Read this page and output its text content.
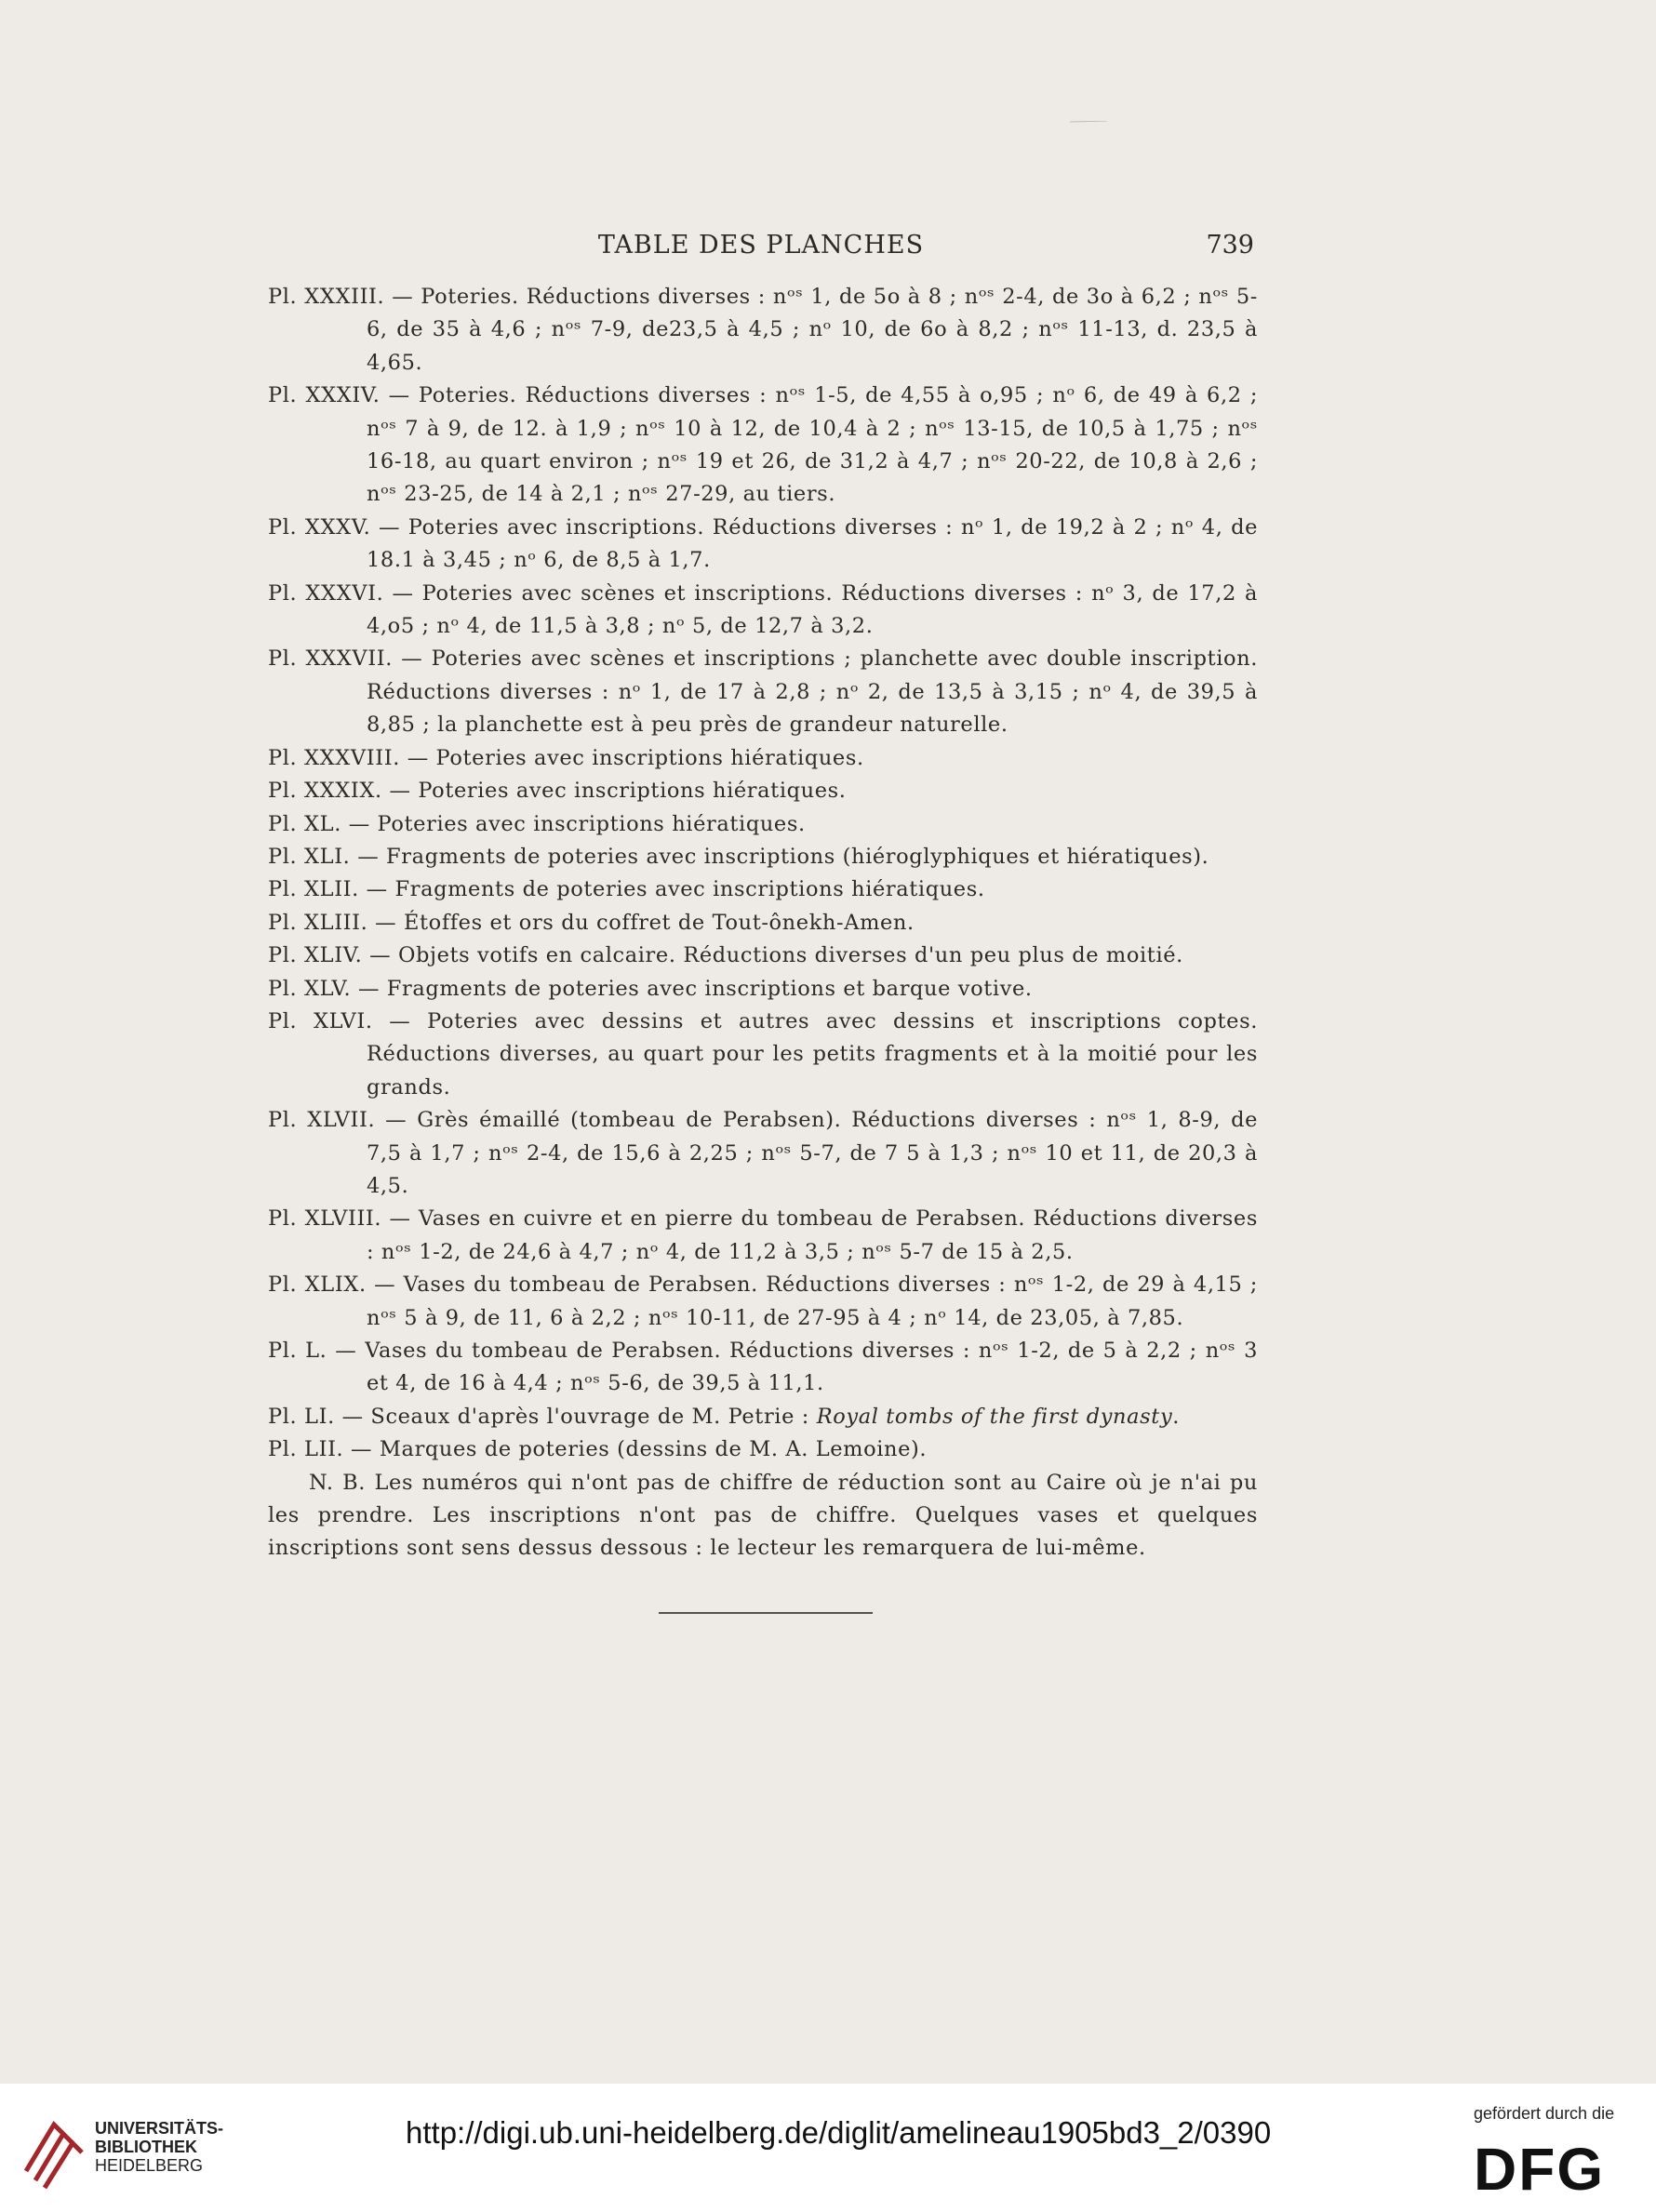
TABLE DES PLANCHES	739

Pl. XXXIII. — Poteries. Réductions diverses : nᵒˢ 1, de 5o à 8 ; nᵒˢ 2-4, de 3o à 6,2 ; nᵒˢ 5-6, de 35 à 4,6 ; nᵒˢ 7-9, de23,5 à 4,5 ; nᵒ 10, de 6o à 8,2 ; nᵒˢ 11-13, d. 23,5 à 4,65.

Pl. XXXIV. — Poteries. Réductions diverses : nᵒˢ 1-5, de 4,55 à o,95 ; nᵒ 6, de 49 à 6,2 ; nᵒˢ 7 à 9, de 12. à 1,9 ; nᵒˢ 10 à 12, de 10,4 à 2 ; nᵒˢ 13-15, de 10,5 à 1,75 ; nᵒˢ 16-18, au quart environ ; nᵒˢ 19 et 26, de 31,2 à 4,7 ; nᵒˢ 20-22, de 10,8 à 2,6 ; nᵒˢ 23-25, de 14 à 2,1 ; nᵒˢ 27-29, au tiers.

Pl. XXXV. — Poteries avec inscriptions. Réductions diverses : nᵒ 1, de 19,2 à 2 ; nᵒ 4, de 18.1 à 3,45 ; nᵒ 6, de 8,5 à 1,7.

Pl. XXXVI. — Poteries avec scènes et inscriptions. Réductions diverses : nᵒ 3, de 17,2 à 4,o5 ; nᵒ 4, de 11,5 à 3,8 ; nᵒ 5, de 12,7 à 3,2.

Pl. XXXVII. — Poteries avec scènes et inscriptions ; planchette avec double inscription. Réductions diverses : nᵒ 1, de 17 à 2,8 ; nᵒ 2, de 13,5 à 3,15 ; nᵒ 4, de 39,5 à 8,85 ; la planchette est à peu près de grandeur naturelle.

Pl. XXXVIII. — Poteries avec inscriptions hiératiques.

Pl. XXXIX. — Poteries avec inscriptions hiératiques.

Pl. XL. — Poteries avec inscriptions hiératiques.

Pl. XLI. — Fragments de poteries avec inscriptions (hiéroglyphiques et hiératiques).

Pl. XLII. — Fragments de poteries avec inscriptions hiératiques.

Pl. XLIII. — Étoffes et ors du coffret de Tout-ônekh-Amen.

Pl. XLIV. — Objets votifs en calcaire. Réductions diverses d'un peu plus de moitié.

Pl. XLV. — Fragments de poteries avec inscriptions et barque votive.

Pl. XLVI. — Poteries avec dessins et autres avec dessins et inscriptions coptes. Réductions diverses, au quart pour les petits fragments et à la moitié pour les grands.

Pl. XLVII. — Grès émaillé (tombeau de Perabsen). Réductions diverses : nᵒˢ 1, 8-9, de 7,5 à 1,7 ; nᵒˢ 2-4, de 15,6 à 2,25 ; nᵒˢ 5-7, de 7 5 à 1,3 ; nᵒˢ 10 et 11, de 20,3 à 4,5.

Pl. XLVIII. — Vases en cuivre et en pierre du tombeau de Perabsen. Réductions diverses : nᵒˢ 1-2, de 24,6 à 4,7 ; nᵒ 4, de 11,2 à 3,5 ; nᵒˢ 5-7 de 15 à 2,5.

Pl. XLIX. — Vases du tombeau de Perabsen. Réductions diverses : nᵒˢ 1-2, de 29 à 4,15 ; nᵒˢ 5 à 9, de 11, 6 à 2,2 ; nᵒˢ 10-11, de 27-95 à 4 ; nᵒ 14, de 23,05, à 7,85.

Pl. L. — Vases du tombeau de Perabsen. Réductions diverses : nᵒˢ 1-2, de 5 à 2,2 ; nᵒˢ 3 et 4, de 16 à 4,4 ; nᵒˢ 5-6, de 39,5 à 11,1.

Pl. LI. — Sceaux d'après l'ouvrage de M. Petrie : Royal tombs of the first dynasty.

Pl. LII. — Marques de poteries (dessins de M. A. Lemoine).

N. B. Les numéros qui n'ont pas de chiffre de réduction sont au Caire où je n'ai pu les prendre. Les inscriptions n'ont pas de chiffre. Quelques vases et quelques inscriptions sont sens dessus dessous : le lecteur les remarquera de lui-même.

UNIVERSITÄTS-
BIBLIOTHEK
HEIDELBERG
http://digi.ub.uni-heidelberg.de/diglit/amelineau1905bd3_2/0390
gefördert durch die
DFG
